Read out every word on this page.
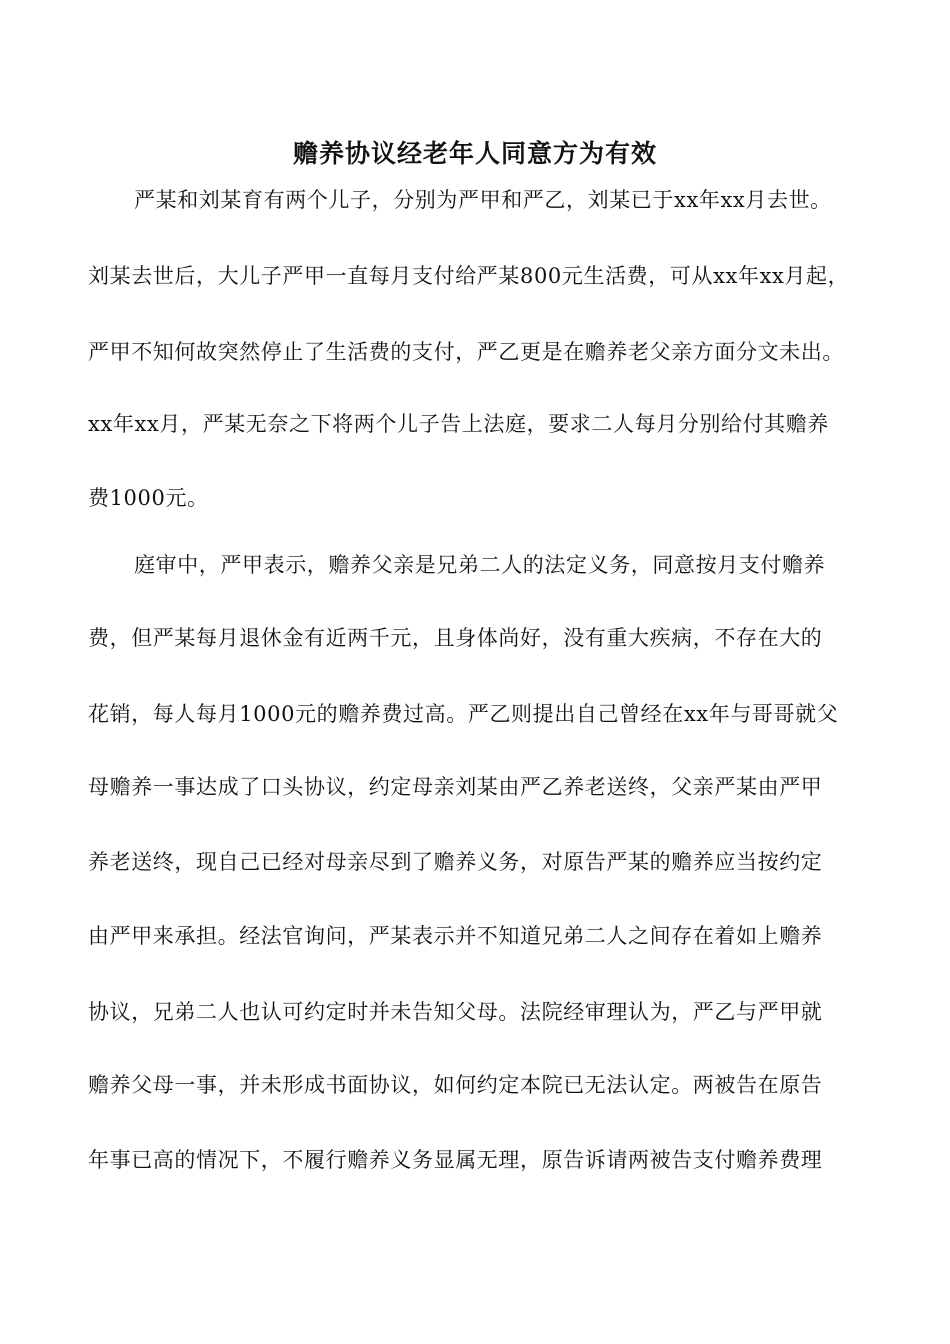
赡养协议经老年人同意方为有效
严某和刘某育有两个儿子，分别为严甲和严乙，刘某已于xx年xx月去世。
刘某去世后，大儿子严甲一直每月支付给严某800元生活费，可从xx年xx月起，
严甲不知何故突然停止了生活费的支付，严乙更是在赡养老父亲方面分文未出。
xx年xx月，严某无奈之下将两个儿子告上法庭，要求二人每月分别给付其赡养
费1000元。
庭审中，严甲表示，赡养父亲是兄弟二人的法定义务，同意按月支付赡养
费，但严某每月退休金有近两千元，且身体尚好，没有重大疾病，不存在大的
花销，每人每月1000元的赡养费过高。严乙则提出自己曾经在xx年与哥哥就父
母赡养一事达成了口头协议，约定母亲刘某由严乙养老送终，父亲严某由严甲
养老送终，现自己已经对母亲尽到了赡养义务，对原告严某的赡养应当按约定
由严甲来承担。经法官询问，严某表示并不知道兄弟二人之间存在着如上赡养
协议，兄弟二人也认可约定时并未告知父母。法院经审理认为，严乙与严甲就
赡养父母一事，并未形成书面协议，如何约定本院已无法认定。两被告在原告
年事已高的情况下，不履行赡养义务显属无理，原告诉请两被告支付赡养费理
